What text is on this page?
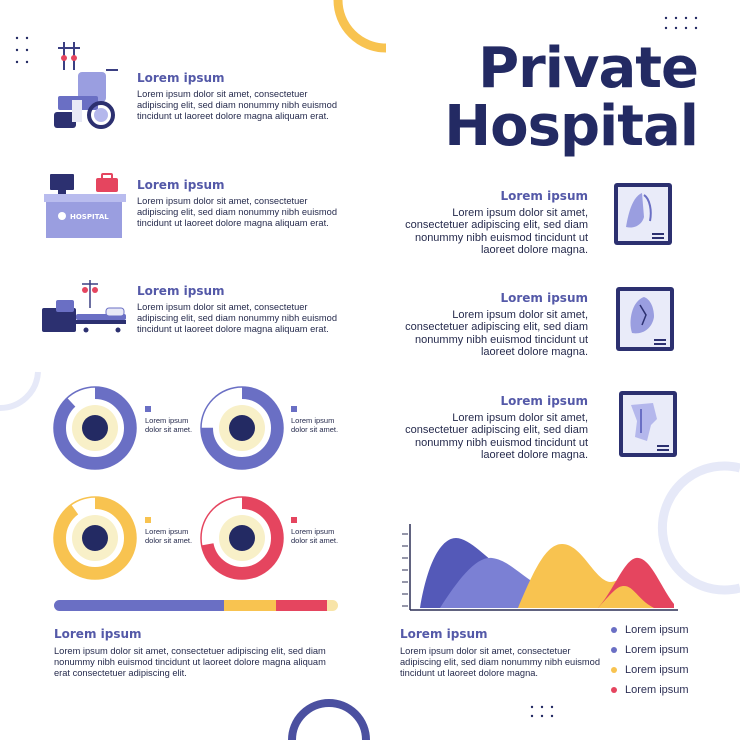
Private
Hospital
HOSPITAL
Lorem ipsum
Lorem ipsum dolor sit amet, consectetuer adipiscing elit, sed diam nonummy nibh euismod tincidunt ut laoreet dolore magna aliquam erat.
Lorem ipsum
Lorem ipsum dolor sit amet, consectetuer adipiscing elit, sed diam nonummy nibh euismod tincidunt ut laoreet dolore magna aliquam erat.
Lorem ipsum
Lorem ipsum dolor sit amet, consectetuer adipiscing elit, sed diam nonummy nibh euismod tincidunt ut laoreet dolore magna aliquam erat.
Lorem ipsum
Lorem ipsum dolor sit amet, consectetuer adipiscing elit, sed diam nonummy nibh euismod tincidunt ut laoreet dolore magna.
Lorem ipsum
Lorem ipsum dolor sit amet, consectetuer adipiscing elit, sed diam nonummy nibh euismod tincidunt ut laoreet dolore magna.
Lorem ipsum
Lorem ipsum dolor sit amet, consectetuer adipiscing elit, sed diam nonummy nibh euismod tincidunt ut laoreet dolore magna.
Lorem ipsum dolor sit amet.
Lorem ipsum dolor sit amet.
Lorem ipsum dolor sit amet.
Lorem ipsum dolor sit amet.
Lorem ipsum
Lorem ipsum dolor sit amet, consectetuer adipiscing elit, sed diam nonummy nibh euismod tincidunt ut laoreet dolore magna aliquam erat consectetuer adipiscing elit.
Lorem ipsum
Lorem ipsum dolor sit amet, consectetuer adipiscing elit, sed diam nonummy nibh euismod tincidunt ut laoreet dolore magna.
Lorem ipsum
Lorem ipsum
Lorem ipsum
Lorem ipsum
